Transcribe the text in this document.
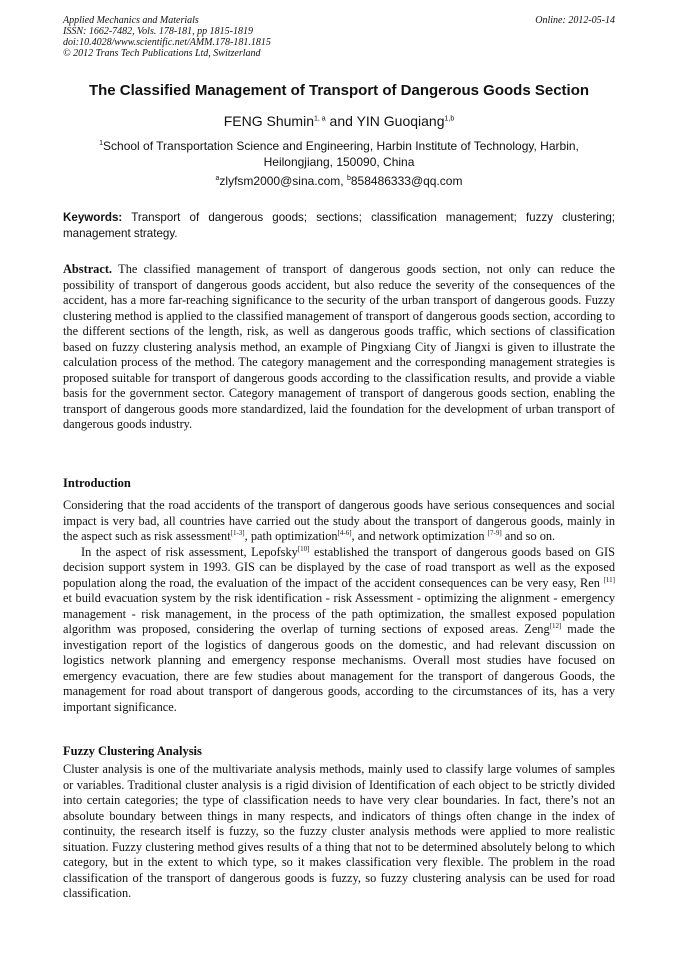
Applied Mechanics and Materials
ISSN: 1662-7482, Vols. 178-181, pp 1815-1819
doi:10.4028/www.scientific.net/AMM.178-181.1815
© 2012 Trans Tech Publications Ltd, Switzerland
Online: 2012-05-14
The Classified Management of Transport of Dangerous Goods Section
FENG Shumin$^{1, a}$ and YIN Guoqiang$^{1,b}$
$^1$School of Transportation Science and Engineering, Harbin Institute of Technology, Harbin, Heilongjiang, 150090, China
$^a$zlyfsm2000@sina.com, $^b$858486333@qq.com
Keywords: Transport of dangerous goods; sections; classification management; fuzzy clustering; management strategy.
Abstract. The classified management of transport of dangerous goods section, not only can reduce the possibility of transport of dangerous goods accident, but also reduce the severity of the consequences of the accident, has a more far-reaching significance to the security of the urban transport of dangerous goods. Fuzzy clustering method is applied to the classified management of transport of dangerous goods section, according to the different sections of the length, risk, as well as dangerous goods traffic, which sections of classification based on fuzzy clustering analysis method, an example of Pingxiang City of Jiangxi is given to illustrate the calculation process of the method. The category management and the corresponding management strategies is proposed suitable for transport of dangerous goods according to the classification results, and provide a viable basis for the government sector. Category management of transport of dangerous goods section, enabling the transport of dangerous goods more standardized, laid the foundation for the development of urban transport of dangerous goods industry.
Introduction

Considering that the road accidents of the transport of dangerous goods have serious consequences and social impact is very bad, all countries have carried out the study about the transport of dangerous goods, mainly in the aspect such as risk assessment[1-3], path optimization[4-6], and network optimization [7-9] and so on.

In the aspect of risk assessment, Lepofsky[10] established the transport of dangerous goods based on GIS decision support system in 1993. GIS can be displayed by the case of road transport as well as the exposed population along the road, the evaluation of the impact of the accident consequences can be very easy, Ren [11] et build evacuation system by the risk identification - risk Assessment - optimizing the alignment - emergency management - risk management, in the process of the path optimization, the smallest exposed population algorithm was proposed, considering the overlap of turning sections of exposed areas. Zeng[12] made the investigation report of the logistics of dangerous goods on the domestic, and had relevant discussion on logistics network planning and emergency response mechanisms. Overall most studies have focused on emergency evacuation, there are few studies about management for the transport of dangerous Goods, the management for road about transport of dangerous goods, according to the circumstances of its, has a very important significance.

Fuzzy Clustering Analysis

Cluster analysis is one of the multivariate analysis methods, mainly used to classify large volumes of samples or variables. Traditional cluster analysis is a rigid division of Identification of each object to be strictly divided into certain categories; the type of classification needs to have very clear boundaries. In fact, there’s not an absolute boundary between things in many respects, and indicators of things often change in the index of continuity, the research itself is fuzzy, so the fuzzy cluster analysis methods were applied to more realistic situation. Fuzzy clustering method gives results of a thing that not to be determined absolutely belong to which category, but in the extent to which type, so it makes classification very flexible. The problem in the road classification of the transport of dangerous goods is fuzzy, so fuzzy clustering analysis can be used for road classification.
